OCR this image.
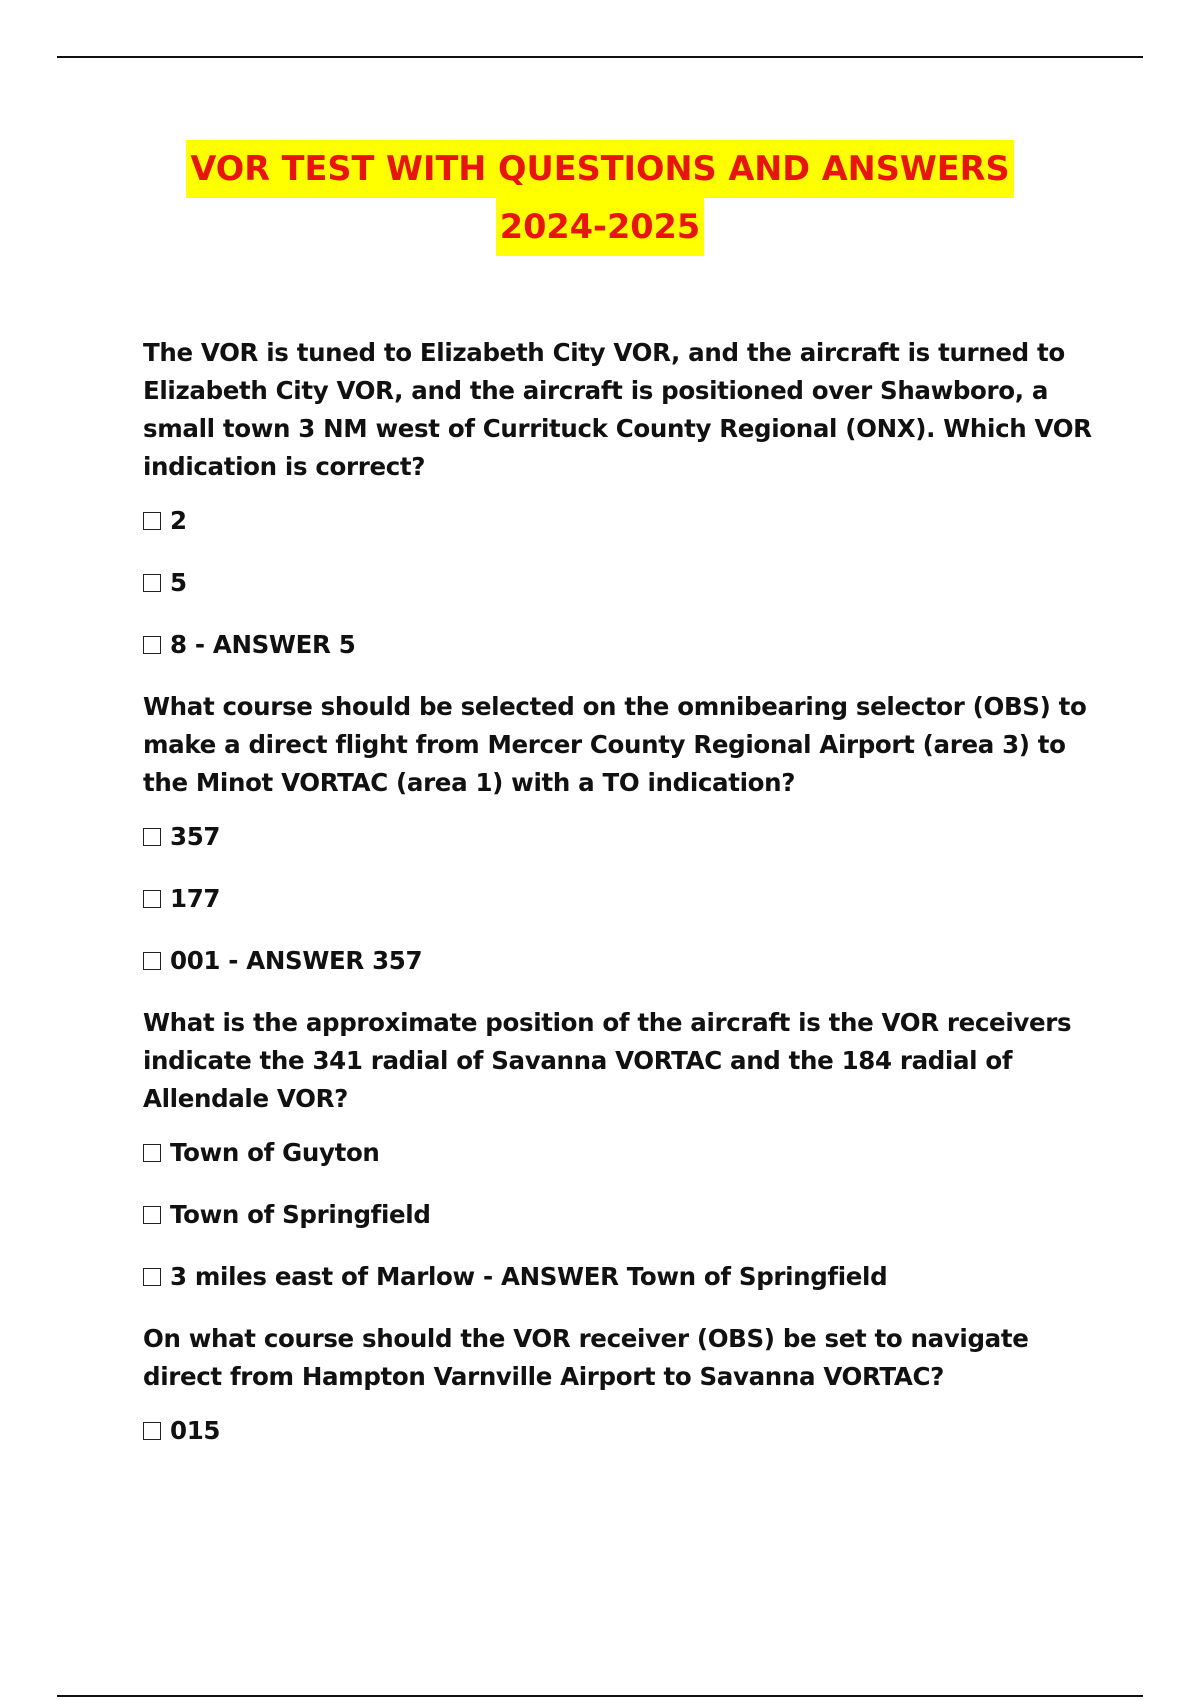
VOR TEST WITH QUESTIONS AND ANSWERS
2024-2025
The VOR is tuned to Elizabeth City VOR, and the aircraft is turned to Elizabeth City VOR, and the aircraft is positioned over Shawboro, a small town 3 NM west of Currituck County Regional (ONX). Which VOR indication is correct?
2
5
8 - ANSWER 5
What course should be selected on the omnibearing selector (OBS) to make a direct flight from Mercer County Regional Airport (area 3) to the Minot VORTAC (area 1) with a TO indication?
357
177
001 - ANSWER 357
What is the approximate position of the aircraft is the VOR receivers indicate the 341 radial of Savanna VORTAC and the 184 radial of Allendale VOR?
Town of Guyton
Town of Springfield
3 miles east of Marlow - ANSWER Town of Springfield
On what course should the VOR receiver (OBS) be set to navigate direct from Hampton Varnville Airport to Savanna VORTAC?
015
